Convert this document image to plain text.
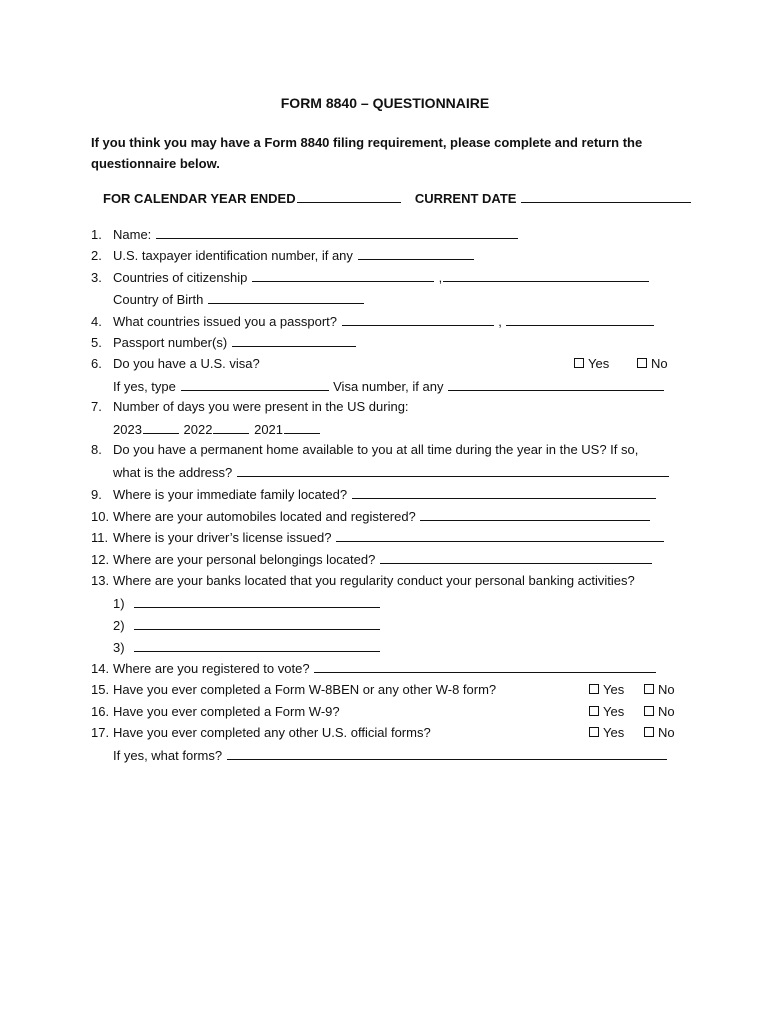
FORM 8840 – QUESTIONNAIRE
If you think you may have a Form 8840 filing requirement, please complete and return the questionnaire below.
FOR CALENDAR YEAR ENDED	CURRENT DATE
1. Name:
2. U.S. taxpayer identification number, if any
3. Countries of citizenship	,
Country of Birth
4. What countries issued you a passport?	,
5. Passport number(s)
6. Do you have a U.S. visa?	Yes	No
If yes, type	Visa number, if any
7. Number of days you were present in the US during:
2023	2022	2021
8. Do you have a permanent home available to you at all time during the year in the US? If so,
what is the address?
9. Where is your immediate family located?
10. Where are your automobiles located and registered?
11. Where is your driver’s license issued?
12. Where are your personal belongings located?
13. Where are your banks located that you regularity conduct your personal banking activities?
1)
2)
3)
14. Where are you registered to vote?
15. Have you ever completed a Form W-8BEN or any other W-8 form?	Yes	No
16. Have you ever completed a Form W-9?	Yes	No
17. Have you ever completed any other U.S. official forms?	Yes	No
If yes, what forms?
